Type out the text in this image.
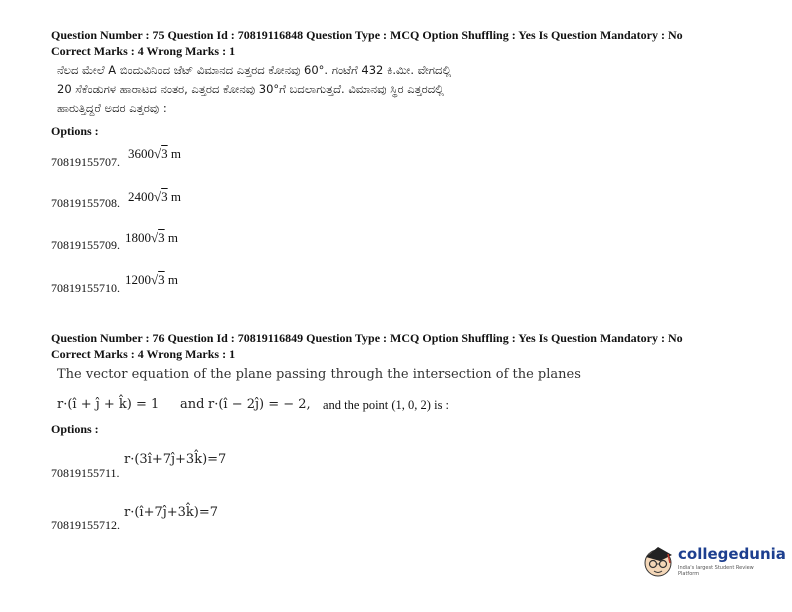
Question Number : 75 Question Id : 70819116848 Question Type : MCQ Option Shuffling : Yes Is Question Mandatory : No
Correct Marks : 4 Wrong Marks : 1
ನೆಲದ ಮೇಲೆ A ಬಿಂದುವಿನಿಂದ ಜೆಟ್ ವಿಮಾನದ ಎತ್ತರದ ಕೋನವು 60°. ಗಂಟೆಗೆ 432 ಕಿ.ಮೀ. ವೇಗದಲ್ಲಿ
20 ಸೆಕೆಂಡುಗಳ ಹಾರಾಟದ ನಂತರ, ಎತ್ತರದ ಕೋನವು 30°ಗೆ ಬದಲಾಗುತ್ತದೆ. ವಿಮಾನವು ಸ್ಥಿರ ಎತ್ತರದಲ್ಲಿ
ಹಾರುತ್ತಿದ್ದರೆ ಅದರ ಎತ್ತರವು :
Options :
70819155707.
3600√3 m
70819155708. 2400√3 m
70819155709. 1800√3 m
70819155710.
1200√3 m
Question Number : 76 Question Id : 70819116849 Question Type : MCQ Option Shuffling : Yes Is Question Mandatory : No
Correct Marks : 4 Wrong Marks : 1
The vector equation of the plane passing through the intersection of the planes
r·(î + ĵ + k̂) = 1 and r·(î − 2ĵ) = − 2, and the point (1, 0, 2) is :
Options :
70819155711.
r·(3î+7ĵ+3k̂)=7
70819155712.
r·(î+7ĵ+3k̂)=7
collegedunia
India's largest Student Review Platform
